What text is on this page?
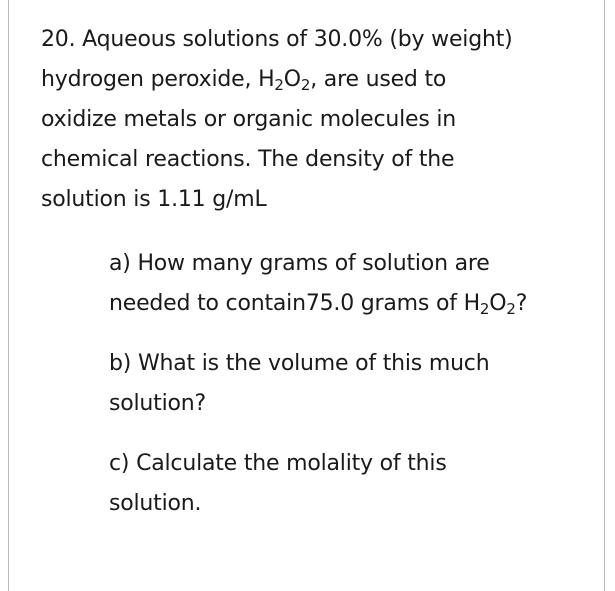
20. Aqueous solutions of 30.0% (by weight)
hydrogen peroxide, $H_2O_2$, are used to
oxidize metals or organic molecules in
chemical reactions. The density of the
solution is 1.11 g/mL

a) How many grams of solution are
needed to contain75.0 grams of $H_2O_2$?

b) What is the volume of this much
solution?

c) Calculate the molality of this
solution.
